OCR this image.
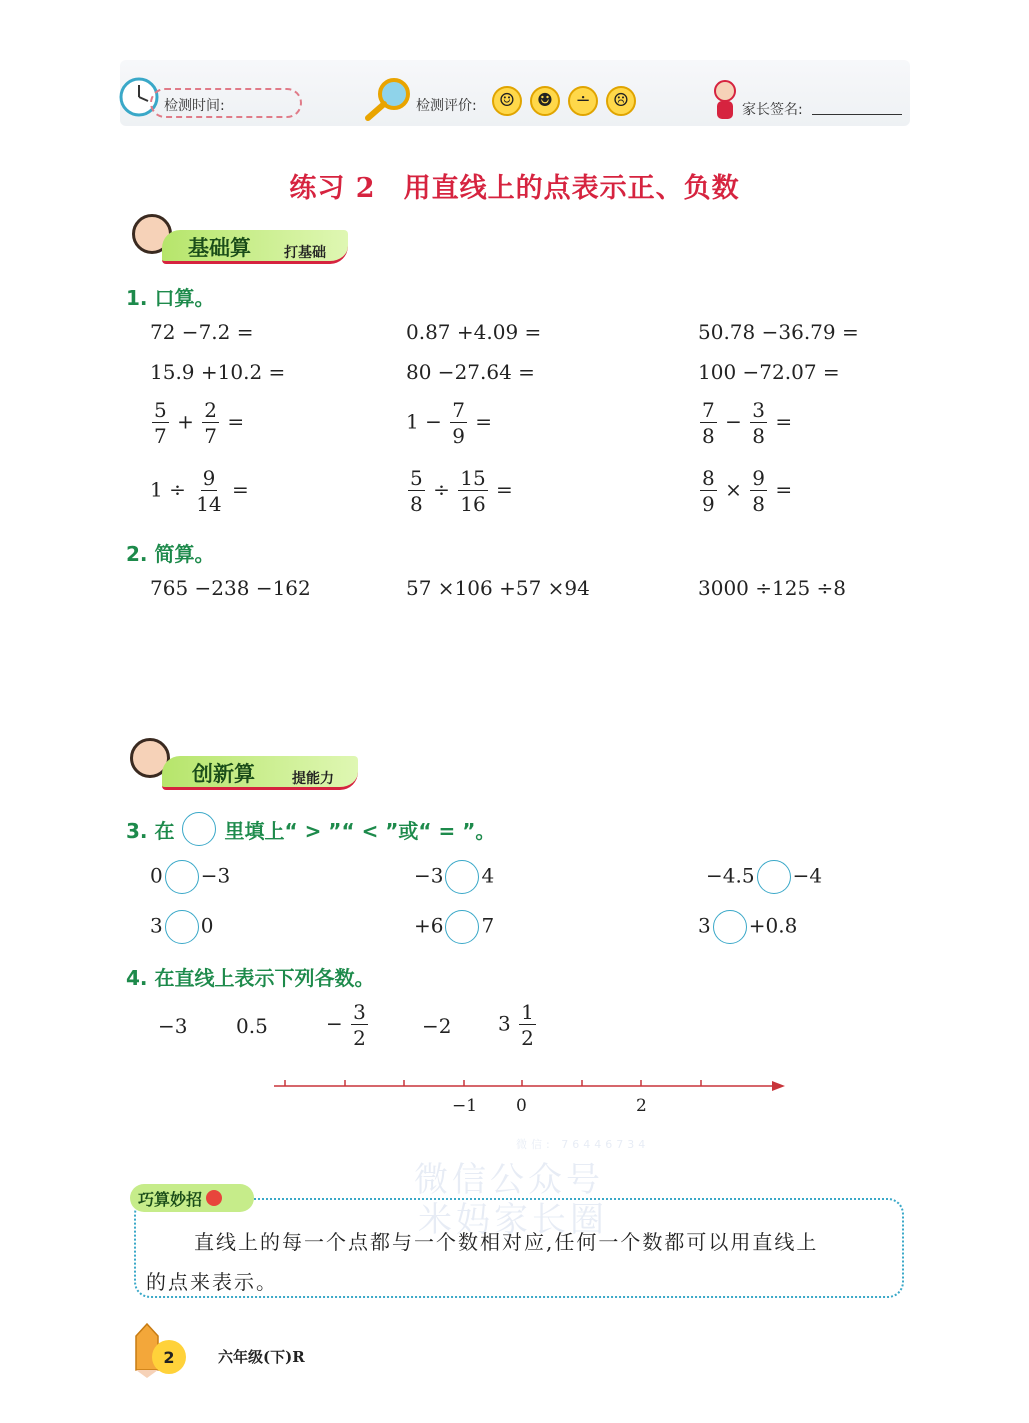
检测时间:	检测评价:	☺	☻	∸	☹	家长签名:
练习 2　用直线上的点表示正、负数
基础算 打基础
1. 口算。
72 −7.2 =	0.87 +4.09 =	50.78 −36.79 =
15.9 +10.2 =	80 −27.64 =	100 −72.07 =
$\frac{5}{7} + \frac{2}{7}$ =	$1 - \frac{7}{9}$ =	$\frac{7}{8} - \frac{3}{8}$ =
$1 \div \frac{9}{14}$ =	$\frac{5}{8} \div \frac{15}{16}$ =	$\frac{8}{9} \times \frac{9}{8}$ =
2. 简算。
765 −238 −162	57 ×106 +57 ×94	3000 ÷125 ÷8
创新算	提能力
3. 在	里填上“ > ”“ < ”或“ = ”。
0 −3	−3 4	−4.5 −4
3 0	+6 7	3 +0.8
4. 在直线上表示下列各数。
−3 0.5	− $\frac{3}{2}$	−2 $3 \frac{1}{2}$
−1 0	2
微信: 76446734
微信公众号
米妈家长圈
巧算妙招
直线上的每一个点都与一个数相对应,任何一个数都可以用直线上
的点来表示。
2	六年级(下)R
